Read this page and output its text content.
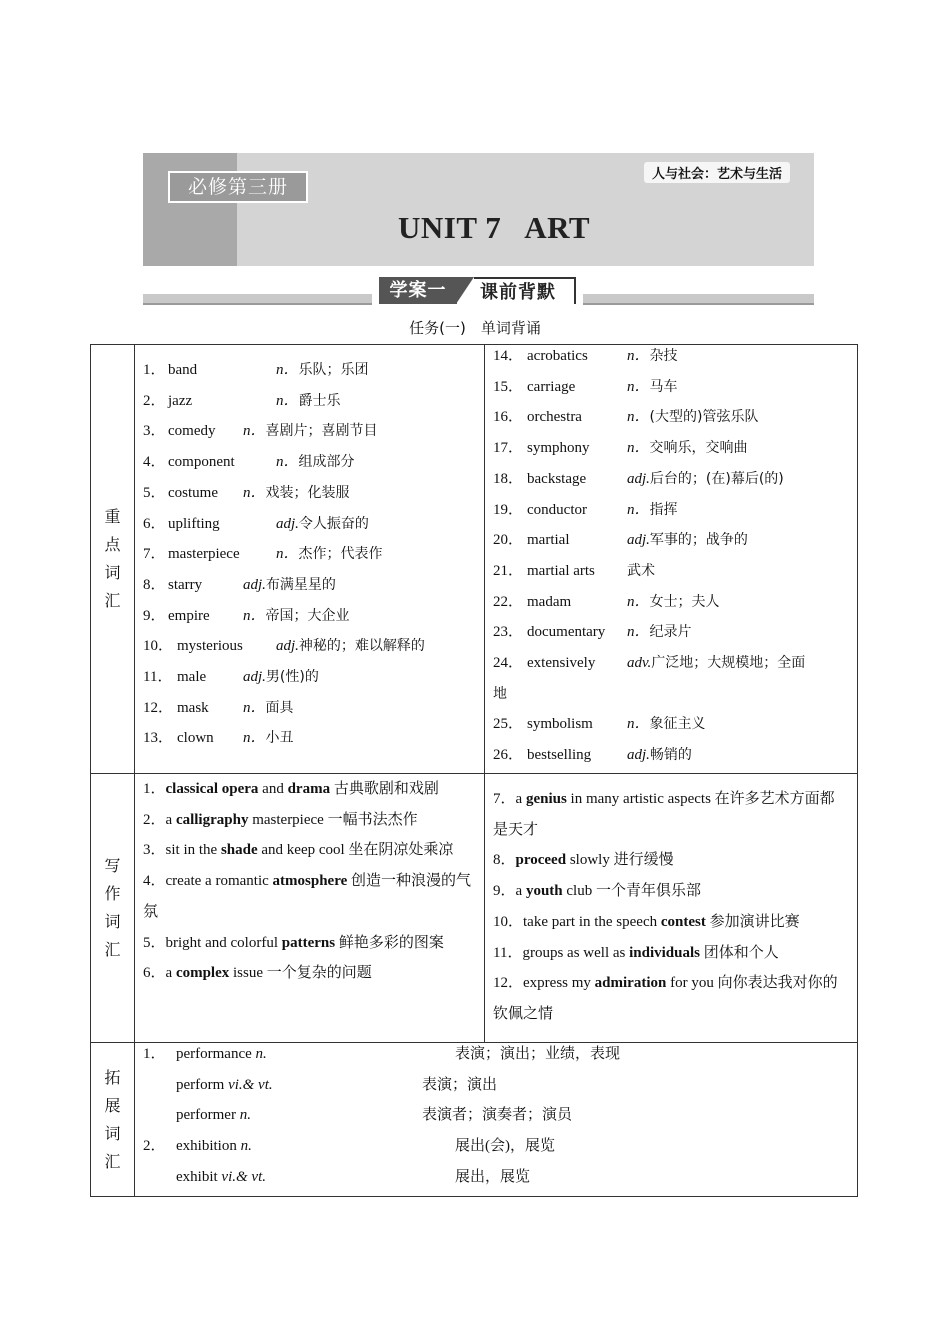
必修第三册
人与社会：艺术与生活
UNIT 7   ART
学案一	课前背默
任务(一)　单词背诵
重
点
词
汇
1． band	n．乐队；乐团
2． jazz	n．爵士乐
3． comedy n．喜剧片；喜剧节目
4． component	n．组成部分
5． costume n．戏装；化装服
6． uplifting	adj.令人振奋的
7． masterpiece n．杰作；代表作
8． starry	adj.布满星星的
9． empire n．帝国；大企业
10． mysterious adj.神秘的；难以解释的
11． male adj.男(性)的
12． mask n．面具
13． clown n．小丑
14． acrobatics	n．杂技
15． carriage	n．马车
16． orchestra	n．(大型的)管弦乐队
17． symphony n．交响乐，交响曲
18． backstage	adj.后台的；(在)幕后(的)
19． conductor	n．指挥
20． martial	adj.军事的；战争的
21． martial arts 武术
22． madam	n．女士；夫人
23． documentary n．纪录片
24． extensively adv.广泛地；大规模地；全面
地
25． symbolism n．象征主义
26． bestselling adj.畅销的
写
作
词
汇
1．classical opera and drama 古典歌剧和戏剧
2．a calligraphy masterpiece 一幅书法杰作
3．sit in the shade and keep cool 坐在阴凉处乘凉
4．create a romantic atmosphere 创造一种浪漫的气氛
5．bright and colorful patterns 鲜艳多彩的图案
6．a complex issue 一个复杂的问题
7．a genius in many artistic aspects 在许多艺术方面都是天才
8．proceed slowly 进行缓慢
9．a youth club 一个青年俱乐部
10．take part in the speech contest 参加演讲比赛
11．groups as well as individuals 团体和个人
12．express my admiration for you 向你表达我对你的钦佩之情
拓
展
词
汇
1． performance n.	表演；演出；业绩，表现
perform vi.& vt.	表演；演出
performer n.	表演者；演奏者；演员
2． exhibition n.	展出(会)，展览
exhibit vi.& vt.	展出，展览
